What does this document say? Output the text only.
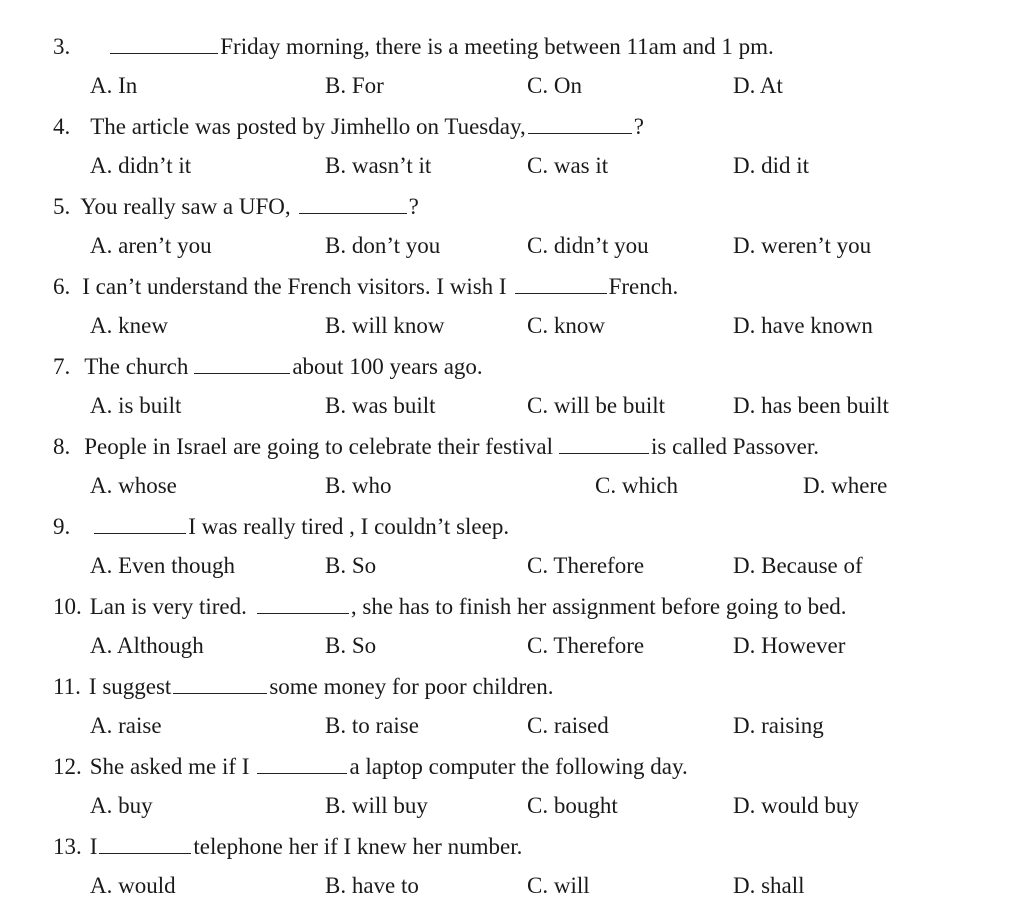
3.	Friday morning, there is a meeting between 11am and 1 pm.
A. In	B. For	C. On	D. At
4. The article was posted by Jimhello on Tuesday,	?
A. didn’t it	B. wasn’t it	C. was it	D. did it
5. You really saw a UFO,	?
A. aren’t you	B. don’t you	C. didn’t you	D. weren’t you
6. I can’t understand the French visitors. I wish I	French.
A. knew	B. will know	C. know	D. have known
7. The church	about 100 years ago.
A. is built	B. was built	C. will be built	D. has been built
8. People in Israel are going to celebrate their festival	is called Passover.
A. whose	B. who	C. which	D. where
9.	I was really tired , I couldn’t sleep.
A. Even though	B. So	C. Therefore	D. Because of
10. Lan is very tired.	, she has to finish her assignment before going to bed.
A. Although	B. So	C. Therefore	D. However
11. I suggest	some money for poor children.
A. raise	B. to raise	C. raised	D. raising
12. She asked me if I	a laptop computer the following day.
A. buy	B. will buy	C. bought	D. would buy
13. I	telephone her if I knew her number.
A. would	B. have to	C. will	D. shall
